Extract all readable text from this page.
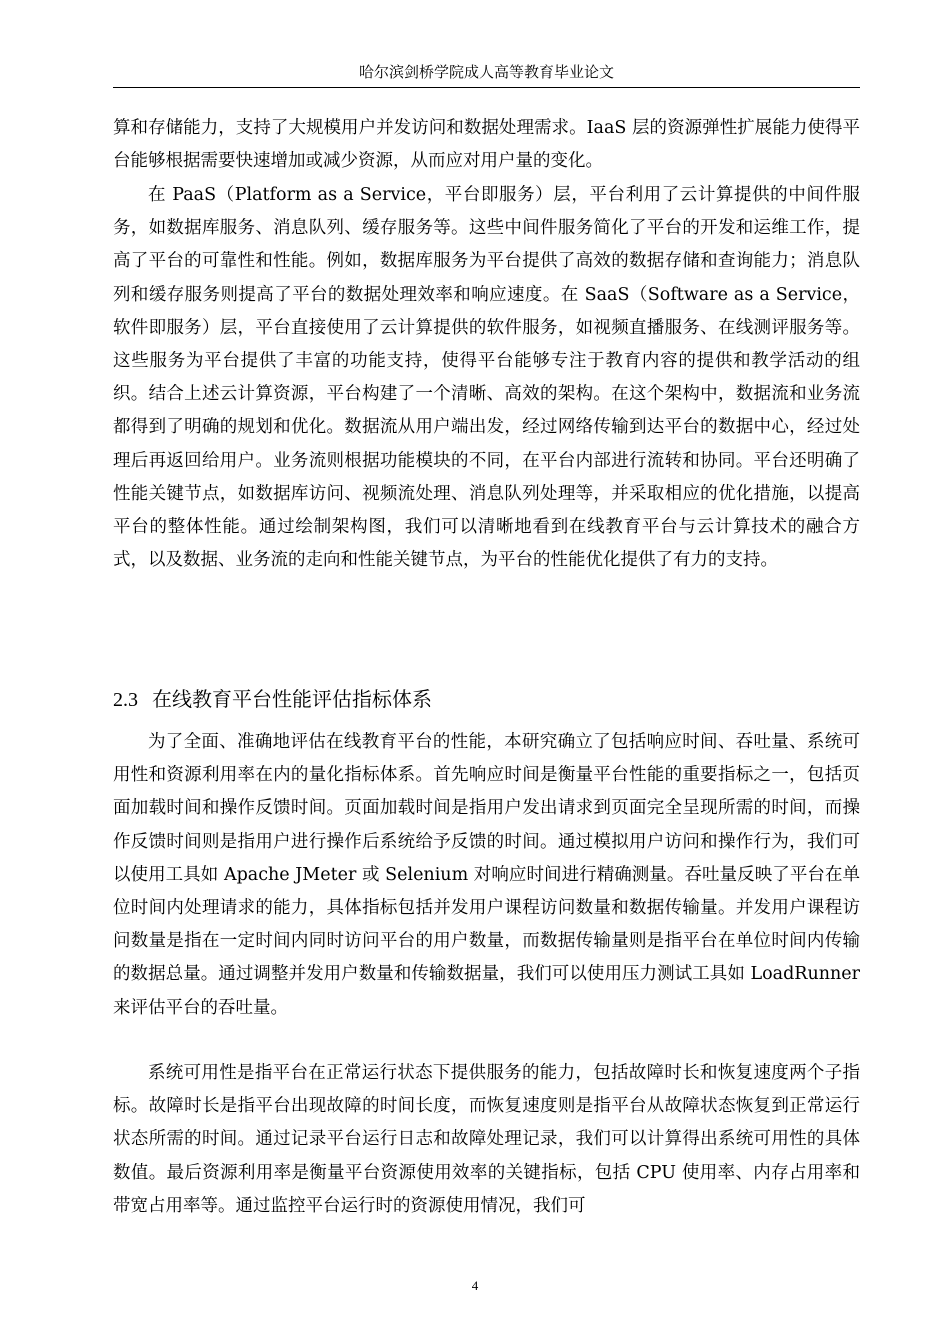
哈尔滨剑桥学院成人高等教育毕业论文

算和存储能力，支持了大规模用户并发访问和数据处理需求。IaaS 层的资源弹性扩展能力使得平台能够根据需要快速增加或减少资源，从而应对用户量的变化。

在 PaaS（Platform as a Service，平台即服务）层，平台利用了云计算提供的中间件服务，如数据库服务、消息队列、缓存服务等。这些中间件服务简化了平台的开发和运维工作，提高了平台的可靠性和性能。例如，数据库服务为平台提供了高效的数据存储和查询能力；消息队列和缓存服务则提高了平台的数据处理效率和响应速度。在 SaaS（Software as a Service，软件即服务）层，平台直接使用了云计算提供的软件服务，如视频直播服务、在线测评服务等。这些服务为平台提供了丰富的功能支持，使得平台能够专注于教育内容的提供和教学活动的组织。结合上述云计算资源，平台构建了一个清晰、高效的架构。在这个架构中，数据流和业务流都得到了明确的规划和优化。数据流从用户端出发，经过网络传输到达平台的数据中心，经过处理后再返回给用户。业务流则根据功能模块的不同，在平台内部进行流转和协同。平台还明确了性能关键节点，如数据库访问、视频流处理、消息队列处理等，并采取相应的优化措施，以提高平台的整体性能。通过绘制架构图，我们可以清晰地看到在线教育平台与云计算技术的融合方式，以及数据、业务流的走向和性能关键节点，为平台的性能优化提供了有力的支持。

2.3 在线教育平台性能评估指标体系

为了全面、准确地评估在线教育平台的性能，本研究确立了包括响应时间、吞吐量、系统可用性和资源利用率在内的量化指标体系。首先响应时间是衡量平台性能的重要指标之一，包括页面加载时间和操作反馈时间。页面加载时间是指用户发出请求到页面完全呈现所需的时间，而操作反馈时间则是指用户进行操作后系统给予反馈的时间。通过模拟用户访问和操作行为，我们可以使用工具如 Apache JMeter 或 Selenium 对响应时间进行精确测量。吞吐量反映了平台在单位时间内处理请求的能力，具体指标包括并发用户课程访问数量和数据传输量。并发用户课程访问数量是指在一定时间内同时访问平台的用户数量，而数据传输量则是指平台在单位时间内传输的数据总量。通过调整并发用户数量和传输数据量，我们可以使用压力测试工具如 LoadRunner 来评估平台的吞吐量。

系统可用性是指平台在正常运行状态下提供服务的能力，包括故障时长和恢复速度两个子指标。故障时长是指平台出现故障的时间长度，而恢复速度则是指平台从故障状态恢复到正常运行状态所需的时间。通过记录平台运行日志和故障处理记录，我们可以计算得出系统可用性的具体数值。最后资源利用率是衡量平台资源使用效率的关键指标，包括 CPU 使用率、内存占用率和带宽占用率等。通过监控平台运行时的资源使用情况，我们可

4
